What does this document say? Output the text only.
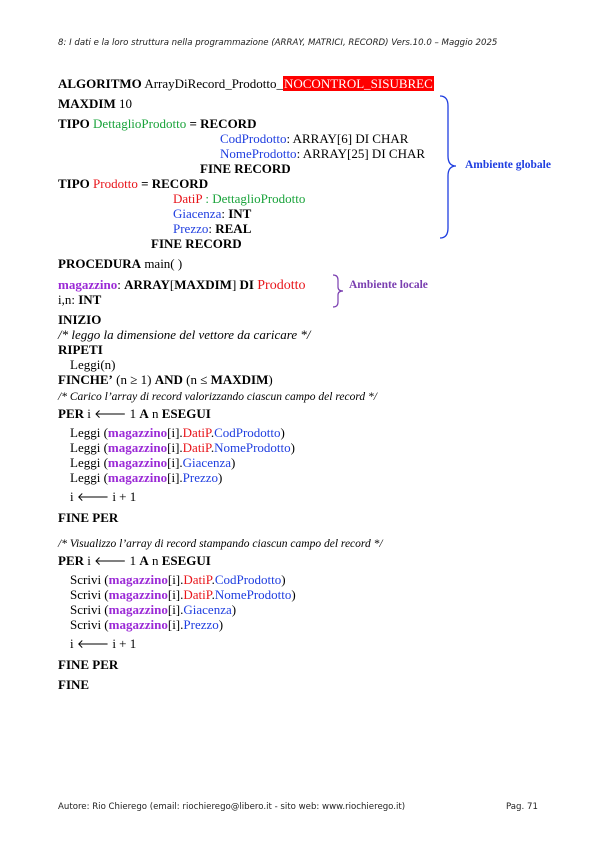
8: I dati e la loro struttura nella programmazione (ARRAY, MATRICI, RECORD) Vers.10.0 – Maggio 2025
ALGORITMO ArrayDiRecord_Prodotto_NOCONTROL_SISUBREC
MAXDIM 10
TIPO DettaglioProdotto = RECORD
CodProdotto: ARRAY[6] DI CHAR
NomeProdotto: ARRAY[25] DI CHAR
FINE RECORD
TIPO Prodotto = RECORD
DatiP : DettaglioProdotto
Giacenza: INT
Prezzo: REAL
FINE RECORD
Ambiente globale
PROCEDURA main( )
magazzino: ARRAY[MAXDIM] DI Prodotto
i,n: INT
Ambiente locale
INIZIO
/* leggo la dimensione del vettore da caricare */
RIPETI
Leggi(n)
FINCHE’ (n ≥ 1) AND (n ≤ MAXDIM)
/* Carico l’array di record valorizzando ciascun campo del record */
PER i 🡐 1 A n ESEGUI
Leggi (magazzino[i].DatiP.CodProdotto)
Leggi (magazzino[i].DatiP.NomeProdotto)
Leggi (magazzino[i].Giacenza)
Leggi (magazzino[i].Prezzo)
i 🡐 i + 1
FINE PER
/* Visualizzo l’array di record stampando ciascun campo del record */
PER i 🡐 1 A n ESEGUI
Scrivi (magazzino[i].DatiP.CodProdotto)
Scrivi (magazzino[i].DatiP.NomeProdotto)
Scrivi (magazzino[i].Giacenza)
Scrivi (magazzino[i].Prezzo)
i 🡐 i + 1
FINE PER
FINE
Autore: Rio Chierego (email: riochierego@libero.it - sito web: www.riochierego.it)	Pag. 71
